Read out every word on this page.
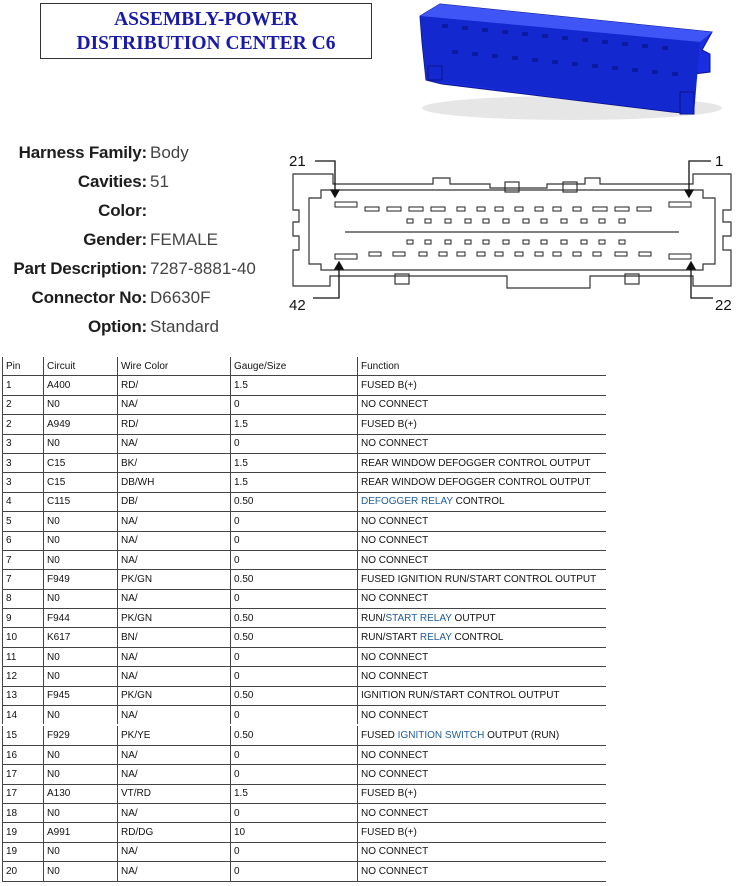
ASSEMBLY-POWER
DISTRIBUTION CENTER C6
Harness Family: Body
Cavities: 51
Color:
Gender: FEMALE
Part Description: 7287-8881-40
Connector No: D6630F
Option: Standard
21	1
42	22
Pin	Circuit	Wire Color	Gauge/Size	Function
1	A400	RD/	1.5	FUSED B(+)
2	N0	NA/	0	NO CONNECT
2	A949	RD/	1.5	FUSED B(+)
3	N0	NA/	0	NO CONNECT
3	C15	BK/	1.5	REAR WINDOW DEFOGGER CONTROL OUTPUT
3	C15	DB/WH	1.5	REAR WINDOW DEFOGGER CONTROL OUTPUT
4	C115	DB/	0.50	DEFOGGER RELAY CONTROL
5	N0	NA/	0	NO CONNECT
6	N0	NA/	0	NO CONNECT
7	N0	NA/	0	NO CONNECT
7	F949	PK/GN	0.50	FUSED IGNITION RUN/START CONTROL OUTPUT
8	N0	NA/	0	NO CONNECT
9	F944	PK/GN	0.50	RUN/START RELAY OUTPUT
10	K617	BN/	0.50	RUN/START RELAY CONTROL
11	N0	NA/	0	NO CONNECT
12	N0	NA/	0	NO CONNECT
13	F945	PK/GN	0.50	IGNITION RUN/START CONTROL OUTPUT
14	N0	NA/	0	NO CONNECT
15	F929	PK/YE	0.50	FUSED IGNITION SWITCH OUTPUT (RUN)
16	N0	NA/	0	NO CONNECT
17	N0	NA/	0	NO CONNECT
17	A130	VT/RD	1.5	FUSED B(+)
18	N0	NA/	0	NO CONNECT
19	A991	RD/DG	10	FUSED B(+)
19	N0	NA/	0	NO CONNECT
20	N0	NA/	0	NO CONNECT
